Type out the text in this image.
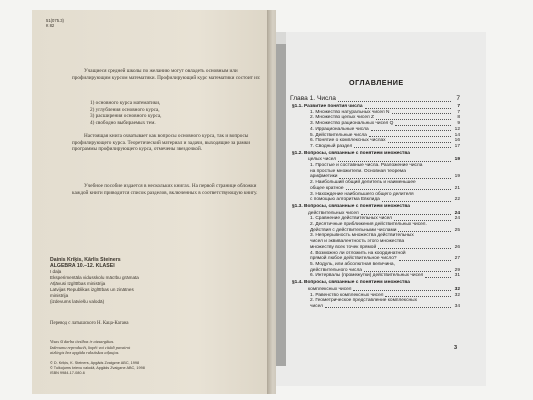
51(075.3)
К 82
Учащиеся средней школы по желанию могут овладеть основным или профилирующим курсом математики. Профилирующий курс математики состоит из:
1) основного курса математики,
2) углубления основного курса,
3) расширения основного курса,
4) свободно выбираемых тем.
Настоящая книга охватывает как вопросы основного курса, так и вопросы профилирующего курса. Теоретический материал и задачи, выходящие за рамки программы профилирующего курса, отмечены звездочкой.
Учебное пособие издается в нескольких книгах. На первой странице обложки каждой книги приводится список разделов, включенных в соответствующую книгу.
Dainis Kriķis, Kārlis Steiners
ALGEBRA 10.–12. KLASEI
I daļa
Eksperimentāla vidusskolu mācību grāmata
Atļāvusi Izglītības ministrija
Latvijas Republikas izglītības un zinātnes
ministrija
(izdevums latviešu valodā)
Перевод с латышского Н. Каца-Кагана
Visas šī darba tiesības ir aizsargātas.
Izdevumu reproducēt, kopēt vai citādi pavairot
aizliegts bez apgāda rakstiskas atļaujas.
© D. Kriķis, K. Steiners, Apgāds Zvaigzne ABC, 1998
© Tulkojums krievu valodā, Apgāds Zvaigzne ABC, 1998
ISBN 9984-17-080-6
ОГЛАВЛЕНИЕ
Глава 1. Числа	7
§1.1. Развитие понятия числа	7
1. Множество натуральных чисел N	7
2. Множество целых чисел Z	8
3. Множество рациональных чисел Q	9
4. Иррациональные числа	12
5. Действительные числа	14
6. Понятие о комплексных числах	16
7. Сводный раздел	17
§1.2. Вопросы, связанные с понятием множества
целых чисел	19
1. Простые и составные числа. Разложение числа
на простые множители. Основная теорема
арифметики	19
2. Наибольший общий делитель и наименьшее
общее кратное	21
3. Нахождение наибольшего общего делителя
с помощью алгоритма Евклида	22
§1.3. Вопросы, связанные с понятием множества
действительных чисел	24
1. Сравнение действительных чисел	24
2. Десятичные приближения действительных чисел.
Действия с действительными числами	25
3. Непрерывность множества действительных
чисел и эквивалентность этого множества
множеству всех точек прямой	26
4. Возможно ли отложить на координатной
прямой любое действительное число?	27
5. Модуль, или абсолютная величина,
действительного числа	29
6. Интервалы (промежутки) действительных чисел	31
§1.4. Вопросы, связанные с понятием множества
комплексных чисел	32
1. Равенство комплексных чисел	32
2. Геометрическое представление комплексных
чисел	34
3
